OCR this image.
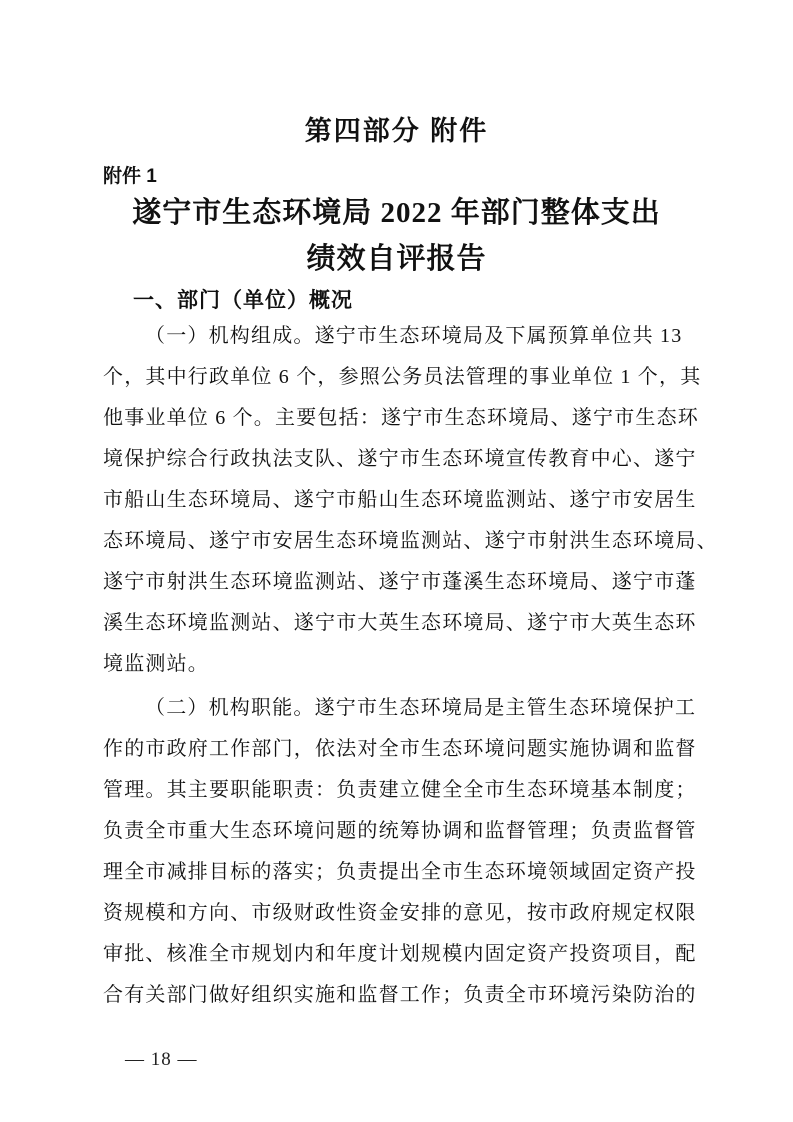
第四部分 附件
附件 1
遂宁市生态环境局 2022 年部门整体支出
绩效自评报告
一、部门（单位）概况
（一）机构组成。遂宁市生态环境局及下属预算单位共 13
个，其中行政单位 6 个，参照公务员法管理的事业单位 1 个，其
他事业单位 6 个。主要包括：遂宁市生态环境局、遂宁市生态环
境保护综合行政执法支队、遂宁市生态环境宣传教育中心、遂宁
市船山生态环境局、遂宁市船山生态环境监测站、遂宁市安居生
态环境局、遂宁市安居生态环境监测站、遂宁市射洪生态环境局、
遂宁市射洪生态环境监测站、遂宁市蓬溪生态环境局、遂宁市蓬
溪生态环境监测站、遂宁市大英生态环境局、遂宁市大英生态环
境监测站。
（二）机构职能。遂宁市生态环境局是主管生态环境保护工
作的市政府工作部门，依法对全市生态环境问题实施协调和监督
管理。其主要职能职责：负责建立健全全市生态环境基本制度；
负责全市重大生态环境问题的统筹协调和监督管理；负责监督管
理全市减排目标的落实；负责提出全市生态环境领域固定资产投
资规模和方向、市级财政性资金安排的意见，按市政府规定权限
审批、核准全市规划内和年度计划规模内固定资产投资项目，配
合有关部门做好组织实施和监督工作；负责全市环境污染防治的
— 18 —
